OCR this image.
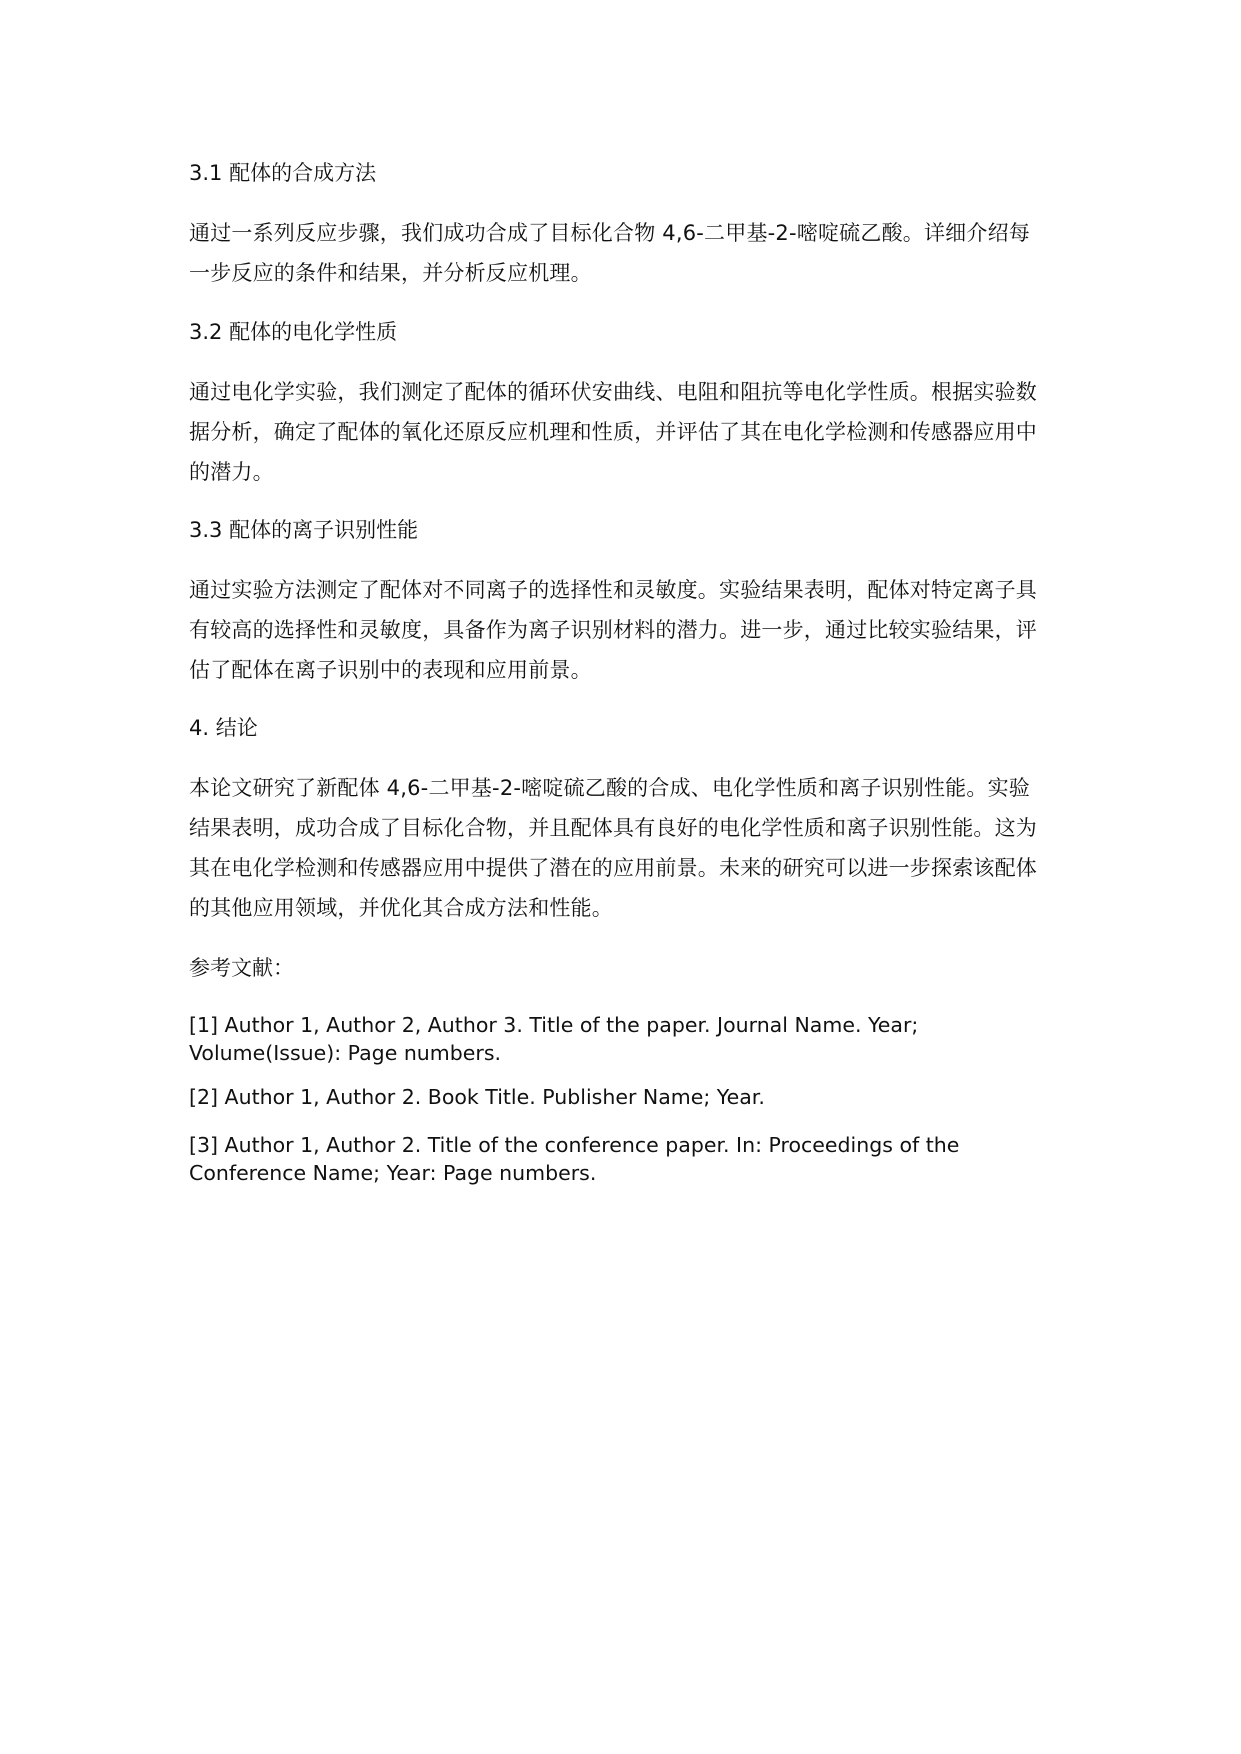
3.1 配体的合成方法
通过一系列反应步骤，我们成功合成了目标化合物 4,6-二甲基-2-嘧啶硫乙酸。详细介绍每一步反应的条件和结果，并分析反应机理。
3.2 配体的电化学性质
通过电化学实验，我们测定了配体的循环伏安曲线、电阻和阻抗等电化学性质。根据实验数据分析，确定了配体的氧化还原反应机理和性质，并评估了其在电化学检测和传感器应用中的潜力。
3.3 配体的离子识别性能
通过实验方法测定了配体对不同离子的选择性和灵敏度。实验结果表明，配体对特定离子具有较高的选择性和灵敏度，具备作为离子识别材料的潜力。进一步，通过比较实验结果，评估了配体在离子识别中的表现和应用前景。
4. 结论
本论文研究了新配体 4,6-二甲基-2-嘧啶硫乙酸的合成、电化学性质和离子识别性能。实验结果表明，成功合成了目标化合物，并且配体具有良好的电化学性质和离子识别性能。这为其在电化学检测和传感器应用中提供了潜在的应用前景。未来的研究可以进一步探索该配体的其他应用领域，并优化其合成方法和性能。
参考文献：
[1] Author 1, Author 2, Author 3. Title of the paper. Journal Name. Year; Volume(Issue): Page numbers.
[2] Author 1, Author 2. Book Title. Publisher Name; Year.
[3] Author 1, Author 2. Title of the conference paper. In: Proceedings of the Conference Name; Year: Page numbers.
